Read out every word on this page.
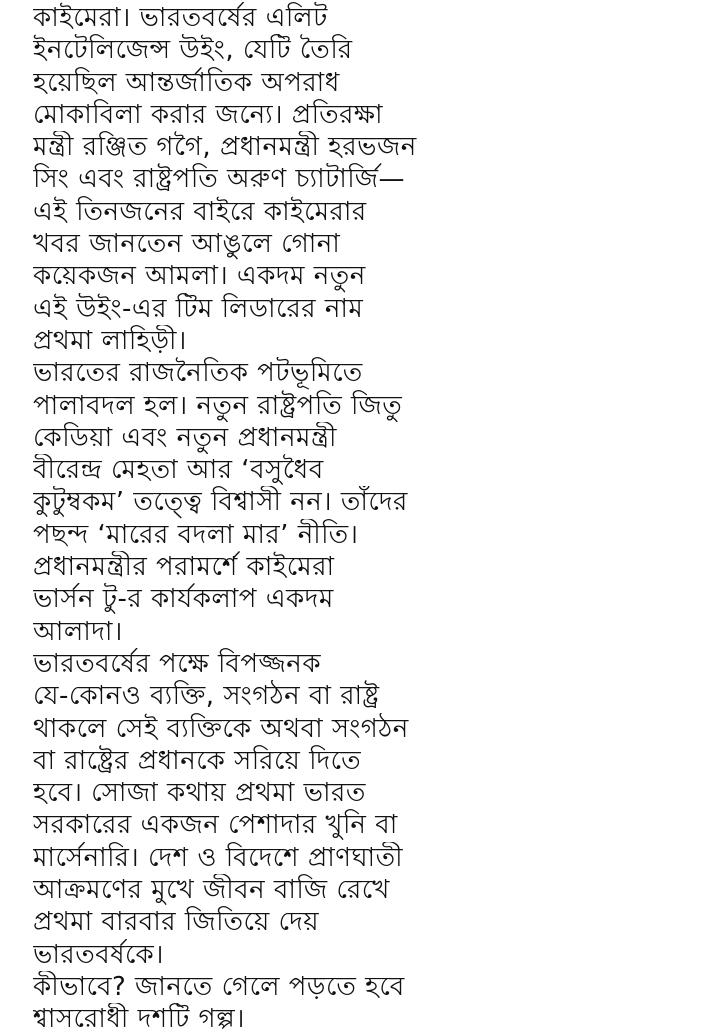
কাইমেরা। ভারতবর্ষের এলিট
ইনটেলিজেন্স উইং, যেটি তৈরি
হয়েছিল আন্তর্জাতিক অপরাধ
মোকাবিলা করার জন্যে। প্রতিরক্ষা
মন্ত্রী রঞ্জিত গগৈ, প্রধানমন্ত্রী হরভজন
সিং এবং রাষ্ট্রপতি অরুণ চ্যাটার্জি—
এই তিনজনের বাইরে কাইমেরার
খবর জানতেন আঙুলে গোনা
কয়েকজন আমলা। একদম নতুন
এই উইং-এর টিম লিডারের নাম
প্রথমা লাহিড়ী।
ভারতের রাজনৈতিক পটভূমিতে
পালাবদল হল। নতুন রাষ্ট্রপতি জিতু
কেডিয়া এবং নতুন প্রধানমন্ত্রী
বীরেন্দ্র মেহতা আর ‘বসুধৈব
কুটুম্বকম’ তত্ত্বে বিশ্বাসী নন। তাঁদের
পছন্দ ‘মারের বদলা মার’ নীতি।
প্রধানমন্ত্রীর পরামর্শে কাইমেরা
ভার্সন টু-র কার্যকলাপ একদম
আলাদা।
ভারতবর্ষের পক্ষে বিপজ্জনক
যে-কোনও ব্যক্তি, সংগঠন বা রাষ্ট্র
থাকলে সেই ব্যক্তিকে অথবা সংগঠন
বা রাষ্ট্রের প্রধানকে সরিয়ে দিতে
হবে। সোজা কথায় প্রথমা ভারত
সরকারের একজন পেশাদার খুনি বা
মার্সেনারি। দেশ ও বিদেশে প্রাণঘাতী
আক্রমণের মুখে জীবন বাজি রেখে
প্রথমা বারবার জিতিয়ে দেয়
ভারতবর্ষকে।
কীভাবে? জানতে গেলে পড়তে হবে
শ্বাসরোধী দশটি গল্প।
